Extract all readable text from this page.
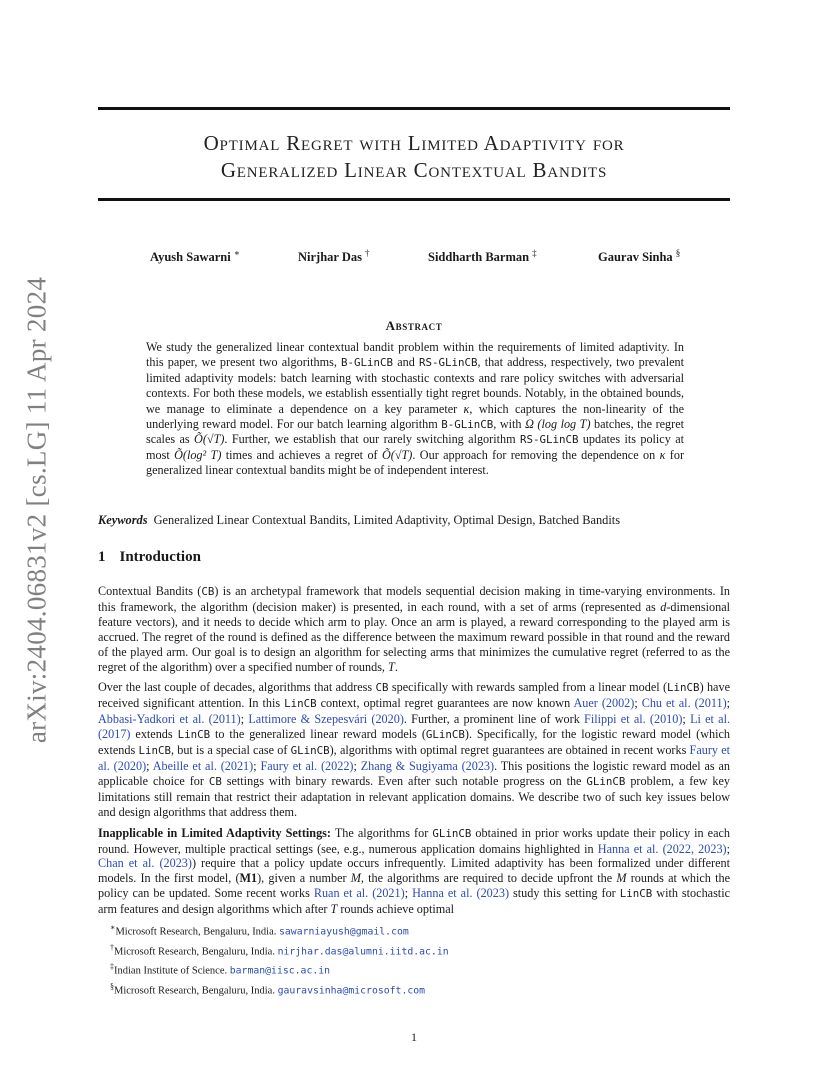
arXiv:2404.06831v2 [cs.LG] 11 Apr 2024
Optimal Regret with Limited Adaptivity for
Generalized Linear Contextual Bandits
Ayush Sawarni ∗	Nirjhar Das †	Siddharth Barman ‡	Gaurav Sinha §
Abstract

We study the generalized linear contextual bandit problem within the requirements of limited adaptivity. In this paper, we present two algorithms, B-GLinCB and RS-GLinCB, that address, respectively, two prevalent limited adaptivity models: batch learning with stochastic contexts and rare policy switches with adversarial contexts. For both these models, we establish essentially tight regret bounds. Notably, in the obtained bounds, we manage to eliminate a dependence on a key parameter κ, which captures the non-linearity of the underlying reward model. For our batch learning algorithm B-GLinCB, with Ω (log log T) batches, the regret scales as Õ(√T). Further, we establish that our rarely switching algorithm RS-GLinCB updates its policy at most Õ(log² T) times and achieves a regret of Õ(√T). Our approach for removing the dependence on κ for generalized linear contextual bandits might be of independent interest.

Keywords Generalized Linear Contextual Bandits, Limited Adaptivity, Optimal Design, Batched Bandits
1 Introduction

Contextual Bandits (CB) is an archetypal framework that models sequential decision making in time-varying environments. In this framework, the algorithm (decision maker) is presented, in each round, with a set of arms (represented as d-dimensional feature vectors), and it needs to decide which arm to play. Once an arm is played, a reward corresponding to the played arm is accrued. The regret of the round is defined as the difference between the maximum reward possible in that round and the reward of the played arm. Our goal is to design an algorithm for selecting arms that minimizes the cumulative regret (referred to as the regret of the algorithm) over a specified number of rounds, T.

Over the last couple of decades, algorithms that address CB specifically with rewards sampled from a linear model (LinCB) have received significant attention. In this LinCB context, optimal regret guarantees are now known Auer (2002); Chu et al. (2011); Abbasi-Yadkori et al. (2011); Lattimore & Szepesvári (2020). Further, a prominent line of work Filippi et al. (2010); Li et al. (2017) extends LinCB to the generalized linear reward models (GLinCB). Specifically, for the logistic reward model (which extends LinCB, but is a special case of GLinCB), algorithms with optimal regret guarantees are obtained in recent works Faury et al. (2020); Abeille et al. (2021); Faury et al. (2022); Zhang & Sugiyama (2023). This positions the logistic reward model as an applicable choice for CB settings with binary rewards. Even after such notable progress on the GLinCB problem, a few key limitations still remain that restrict their adaptation in relevant application domains. We describe two of such key issues below and design algorithms that address them.

Inapplicable in Limited Adaptivity Settings: The algorithms for GLinCB obtained in prior works update their policy in each round. However, multiple practical settings (see, e.g., numerous application domains highlighted in Hanna et al. (2022, 2023); Chan et al. (2023)) require that a policy update occurs infrequently. Limited adaptivity has been formalized under different models. In the first model, (M1), given a number M, the algorithms are required to decide upfront the M rounds at which the policy can be updated. Some recent works Ruan et al. (2021); Hanna et al. (2023) study this setting for LinCB with stochastic arm features and design algorithms which after T rounds achieve optimal

∗Microsoft Research, Bengaluru, India. sawarniayush@gmail.com
†Microsoft Research, Bengaluru, India. nirjhar.das@alumni.iitd.ac.in
‡Indian Institute of Science. barman@iisc.ac.in
§Microsoft Research, Bengaluru, India. gauravsinha@microsoft.com
1
